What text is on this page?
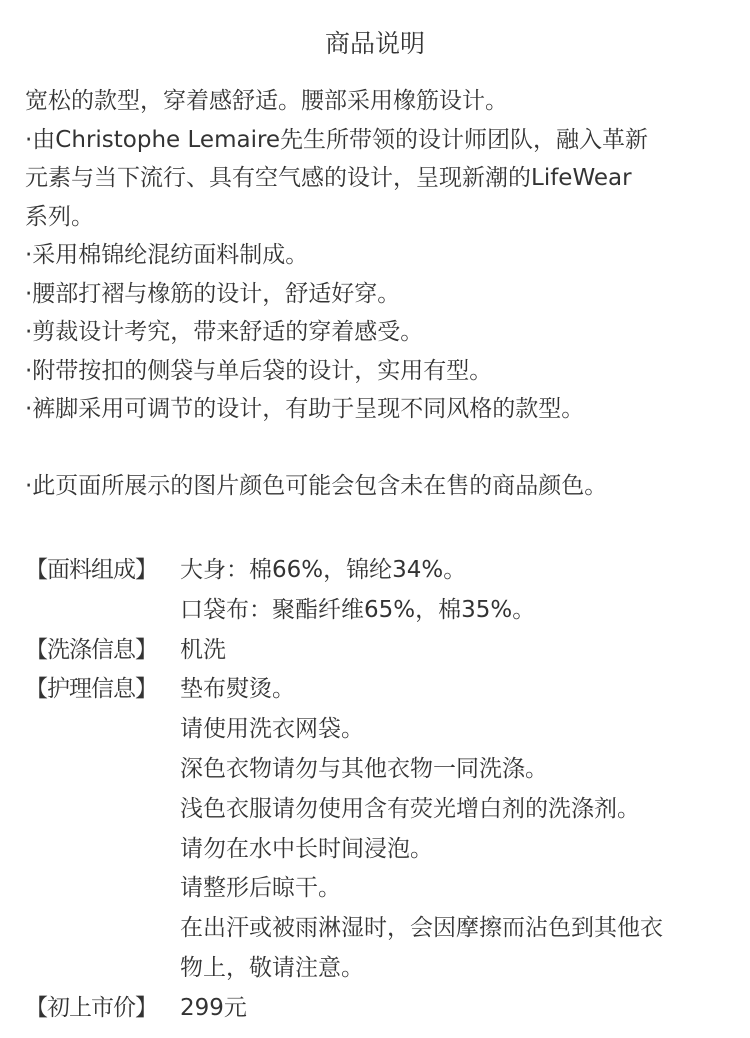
商品说明
宽松的款型，穿着感舒适。腰部采用橡筋设计。
·由Christophe Lemaire先生所带领的设计师团队，融入革新
元素与当下流行、具有空气感的设计，呈现新潮的LifeWear
系列。
·采用棉锦纶混纺面料制成。
·腰部打褶与橡筋的设计，舒适好穿。
·剪裁设计考究，带来舒适的穿着感受。
·附带按扣的侧袋与单后袋的设计，实用有型。
·裤脚采用可调节的设计，有助于呈现不同风格的款型。
·此页面所展示的图片颜色可能会包含未在售的商品颜色。
【面料组成】	大身：棉66%，锦纶34%。
口袋布：聚酯纤维65%，棉35%。
【洗涤信息】	机洗
【护理信息】	垫布熨烫。
请使用洗衣网袋。
深色衣物请勿与其他衣物一同洗涤。
浅色衣服请勿使用含有荧光增白剂的洗涤剂。
请勿在水中长时间浸泡。
请整形后晾干。
在出汗或被雨淋湿时，会因摩擦而沾色到其他衣
物上，敬请注意。
【初上市价】	299元
